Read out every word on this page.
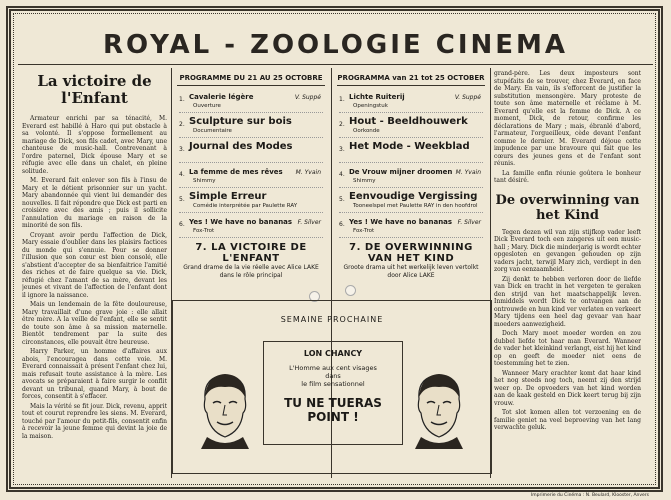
ROYAL - ZOOLOGIE CINEMA
La victoire de l'Enfant

Armateur enrichi par sa ténacité, M. Everard est habillé à Haro qui put obstacle à sa volonté. Il s'oppose formellement au mariage de Dick, son fils cadet, avec Mary, une chanteuse de music-hall. Contrevenant à l'ordre paternel, Dick épouse Mary et se réfugie avec elle dans un chalet, en pleine solitude.

M. Everard fait enlever son fils à l'insu de Mary et le détient prisonnier sur un yacht. Mary abandonnée qui vient lui demander des nouvelles. Il fait répondre que Dick est parti en croisière avec des amis ; puis il sollicite l'annulation du mariage en raison de la minorité de son fils.

Croyant avoir perdu l'affection de Dick, Mary essaie d'oublier dans les plaisirs factices du monde qui s'ennuie. Pour se donner l'illusion que son cœur est bien consolé, elle s'abstient d'accepter de sa bienfaitrice l'amitié des riches et de faire quelque sa vie. Dick, réfugié chez l'amant de sa mère, devant les jeunes et vivant de l'affection de l'enfant dont il ignore la naissance.

Mais un lendemain de la fête douloureuse, Mary travaillait d'une grave joie : elle allait être mère. A la veille de l'enfant, elle se sentit de toute son âme à sa mission maternelle. Bientôt tendrement par la suite des circonstances, elle pouvait être heureuse.

Harry Parker, un homme d'affaires aux abois, l'encouragea dans cette voie. M. Everard connaissait à présent l'enfant chez lui, mais refusait toute assistance à la mère. Les avocats se préparaient à faire surgir le conflit devant un tribunal, quand Mary, à bout de forces, consentit à s'effacer.

Mais la vérité se fit jour. Dick, revenu, apprit tout et courut reprendre les siens. M. Everard, touché par l'amour du petit-fils, consentit enfin à recevoir la jeune femme qui devint la joie de la maison.

PROGRAMME DU 21 AU 25 OCTOBRE
1. Cavalerie légère	V. Suppé
Ouverture
2. Sculpture sur bois
Documentaire
3. Journal des Modes
4. La femme de mes rêves M. Yvain
Shimmy
5. Simple Erreur
Comédie interprétée par Paulette RAY
6. Yes ! We have no bananas F. Silver
Fox-Trot
7. LA VICTOIRE DE L'ENFANT
Grand drame de la vie réelle avec Alice LAKE dans le rôle principal
PROGRAMMA van 21 tot 25 OCTOBER
1. Lichte Ruiterij	V. Suppé
Openingstuk
2. Hout - Beeldhouwerk
Oorkonde
3. Het Mode - Weekblad
4. De Vrouw mijner droomen M. Yvain
Shimmy
5. Eenvoudige Vergissing
Tooneelspel met Paulette RAY in den hoofdrol
6. Yes ! We have no bananas F. Silver
Fox-Trot
7. DE OVERWINNING VAN HET KIND
Groote drama uit het werkelijk leven vertolkt door Alice LAKE
SEMAINE PROCHAINE
LON CHANCY
L'Homme aux cent visages
dans
le film sensationnel
TU NE TUERAS POINT !

grand-père. Les deux imposteurs sont stupéfaits de se trouver, chez Everard, en face de Mary. En vain, ils s'efforcent de justifier la substitution mensongère. Mary proteste de toute son âme maternelle et réclame à M. Everard qu'elle est la femme de Dick. A ce moment, Dick, de retour, confirme les déclarations de Mary ; mais, ébranlé d'abord, l'armateur, l'orgueilleux, cède devant l'enfant comme le dernier. M. Everard déjoue cette impudence par une bravoure qui fait que les cœurs des jeunes gens et de l'enfant sont réunis.

La famille enfin réunie goûtera le bonheur tant désiré.

De overwinning van het Kind

Tegen dezen wil van zijn stijfkop vader leeft Dick Everard toch een zangeres uit een music-hall ; Mary. Dick die minderjarig is wordt echter opgesloten en gevangen gehouden op zijn vaders jacht, terwijl Mary zich, verdiept in den zorg van eenzaamheid.

Zij denkt te hebben verloren door de liefde van Dick en tracht in het vergeten te geraken den strijd van het maatschappelijk leven. Inmiddels wordt Dick te ontvangen aan de ontrouwde en hun kind ver verlaten en verkeert Mary tijdens een heel dag gevaar van haar moeders aanwezigheid.

Doch Mary moet moeder worden en zou dubbel liefde tot haar man Everard. Wanneer de vader het kleinkind verlangt, eist hij het kind op en geeft de moeder niet eens de toestemming het te zien.

Wanneer Mary erachter komt dat haar kind het nog steeds nog toch, neemt zij den strijd weer op. De opvoeders van het kind worden aan de kaak gesteld en Dick keert terug bij zijn vrouw.

Tot slot komen allen tot verzoening en de familie geniet na veel beproeving van het lang verwachte geluk.

Imprimerie du Cinéma : N. Beulard, Klooster, Anvers
